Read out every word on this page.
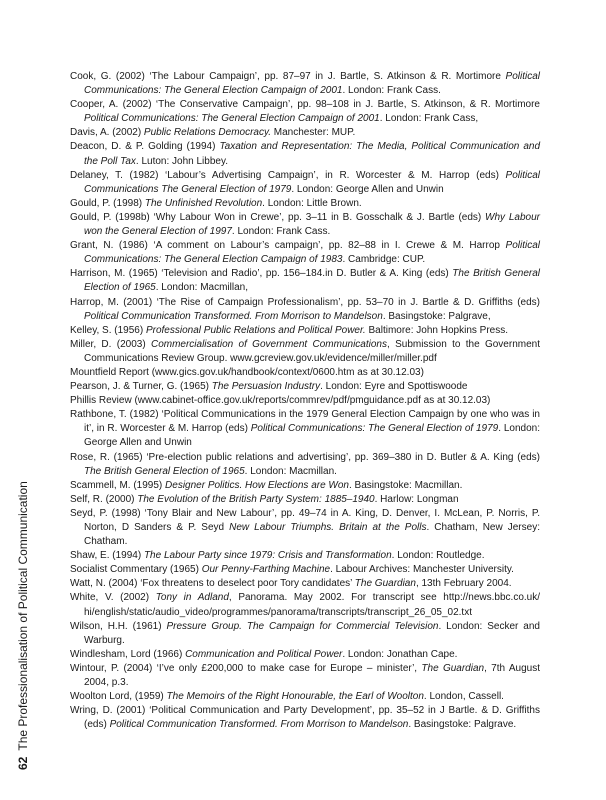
62
The Professionalisation of Political Communication

Cook, G. (2002) ‘The Labour Campaign’, pp. 87–97 in J. Bartle, S. Atkinson & R. Mortimore Political Communications: The General Election Campaign of 2001. London: Frank Cass.

Cooper, A. (2002) ‘The Conservative Campaign’, pp. 98–108 in J. Bartle, S. Atkinson, & R. Mortimore Political Communications: The General Election Campaign of 2001. London: Frank Cass,

Davis, A. (2002) Public Relations Democracy. Manchester: MUP.

Deacon, D. & P. Golding (1994) Taxation and Representation: The Media, Political Communication and the Poll Tax. Luton: John Libbey.

Delaney, T. (1982) ‘Labour’s Advertising Campaign’, in R. Worcester & M. Harrop (eds) Political Communications The General Election of 1979. London: George Allen and Unwin

Gould, P. (1998) The Unfinished Revolution. London: Little Brown.

Gould, P. (1998b) ‘Why Labour Won in Crewe’, pp. 3–11 in B. Gosschalk & J. Bartle (eds) Why Labour won the General Election of 1997. London: Frank Cass.

Grant, N. (1986) ‘A comment on Labour’s campaign’, pp. 82–88 in I. Crewe & M. Harrop Political Communications: The General Election Campaign of 1983. Cambridge: CUP.

Harrison, M. (1965) ‘Television and Radio’, pp. 156–184.in D. Butler & A. King (eds) The British General Election of 1965. London: Macmillan,

Harrop, M. (2001) ‘The Rise of Campaign Professionalism’, pp. 53–70 in J. Bartle & D. Griffiths (eds) Political Communication Transformed. From Morrison to Mandelson. Basingstoke: Palgrave,

Kelley, S. (1956) Professional Public Relations and Political Power. Baltimore: John Hopkins Press.

Miller, D. (2003) Commercialisation of Government Communications, Submission to the Government Communications Review Group. www.gcreview.gov.uk/evidence/miller/miller.pdf

Mountfield Report (www.gics.gov.uk/handbook/context/0600.htm as at 30.12.03)

Pearson, J. & Turner, G. (1965) The Persuasion Industry. London: Eyre and Spottiswoode

Phillis Review (www.cabinet-office.gov.uk/reports/commrev/pdf/pmguidance.pdf as at 30.12.03)

Rathbone, T. (1982) ‘Political Communications in the 1979 General Election Campaign by one who was in it’, in R. Worcester & M. Harrop (eds) Political Communications: The General Election of 1979. London: George Allen and Unwin

Rose, R. (1965) ‘Pre-election public relations and advertising’, pp. 369–380 in D. Butler & A. King (eds) The British General Election of 1965. London: Macmillan.

Scammell, M. (1995) Designer Politics. How Elections are Won. Basingstoke: Macmillan.

Self, R. (2000) The Evolution of the British Party System: 1885–1940. Harlow: Longman

Seyd, P. (1998) ‘Tony Blair and New Labour’, pp. 49–74 in A. King, D. Denver, I. McLean, P. Norris, P. Norton, D Sanders & P. Seyd New Labour Triumphs. Britain at the Polls. Chatham, New Jersey: Chatham.

Shaw, E. (1994) The Labour Party since 1979: Crisis and Transformation. London: Routledge.

Socialist Commentary (1965) Our Penny-Farthing Machine. Labour Archives: Manchester University.

Watt, N. (2004) ‘Fox threatens to deselect poor Tory candidates’ The Guardian, 13th February 2004.

White, V. (2002) Tony in Adland, Panorama. May 2002. For transcript see http://news.bbc.co.uk/ hi/english/static/audio_video/programmes/panorama/transcripts/transcript_26_05_02.txt

Wilson, H.H. (1961) Pressure Group. The Campaign for Commercial Television. London: Secker and Warburg.

Windlesham, Lord (1966) Communication and Political Power. London: Jonathan Cape.

Wintour, P. (2004) ‘I’ve only £200,000 to make case for Europe – minister’, The Guardian, 7th August 2004, p.3.

Woolton Lord, (1959) The Memoirs of the Right Honourable, the Earl of Woolton. London, Cassell.

Wring, D. (2001) ‘Political Communication and Party Development’, pp. 35–52 in J Bartle. & D. Griffiths (eds) Political Communication Transformed. From Morrison to Mandelson. Basingstoke: Palgrave.
